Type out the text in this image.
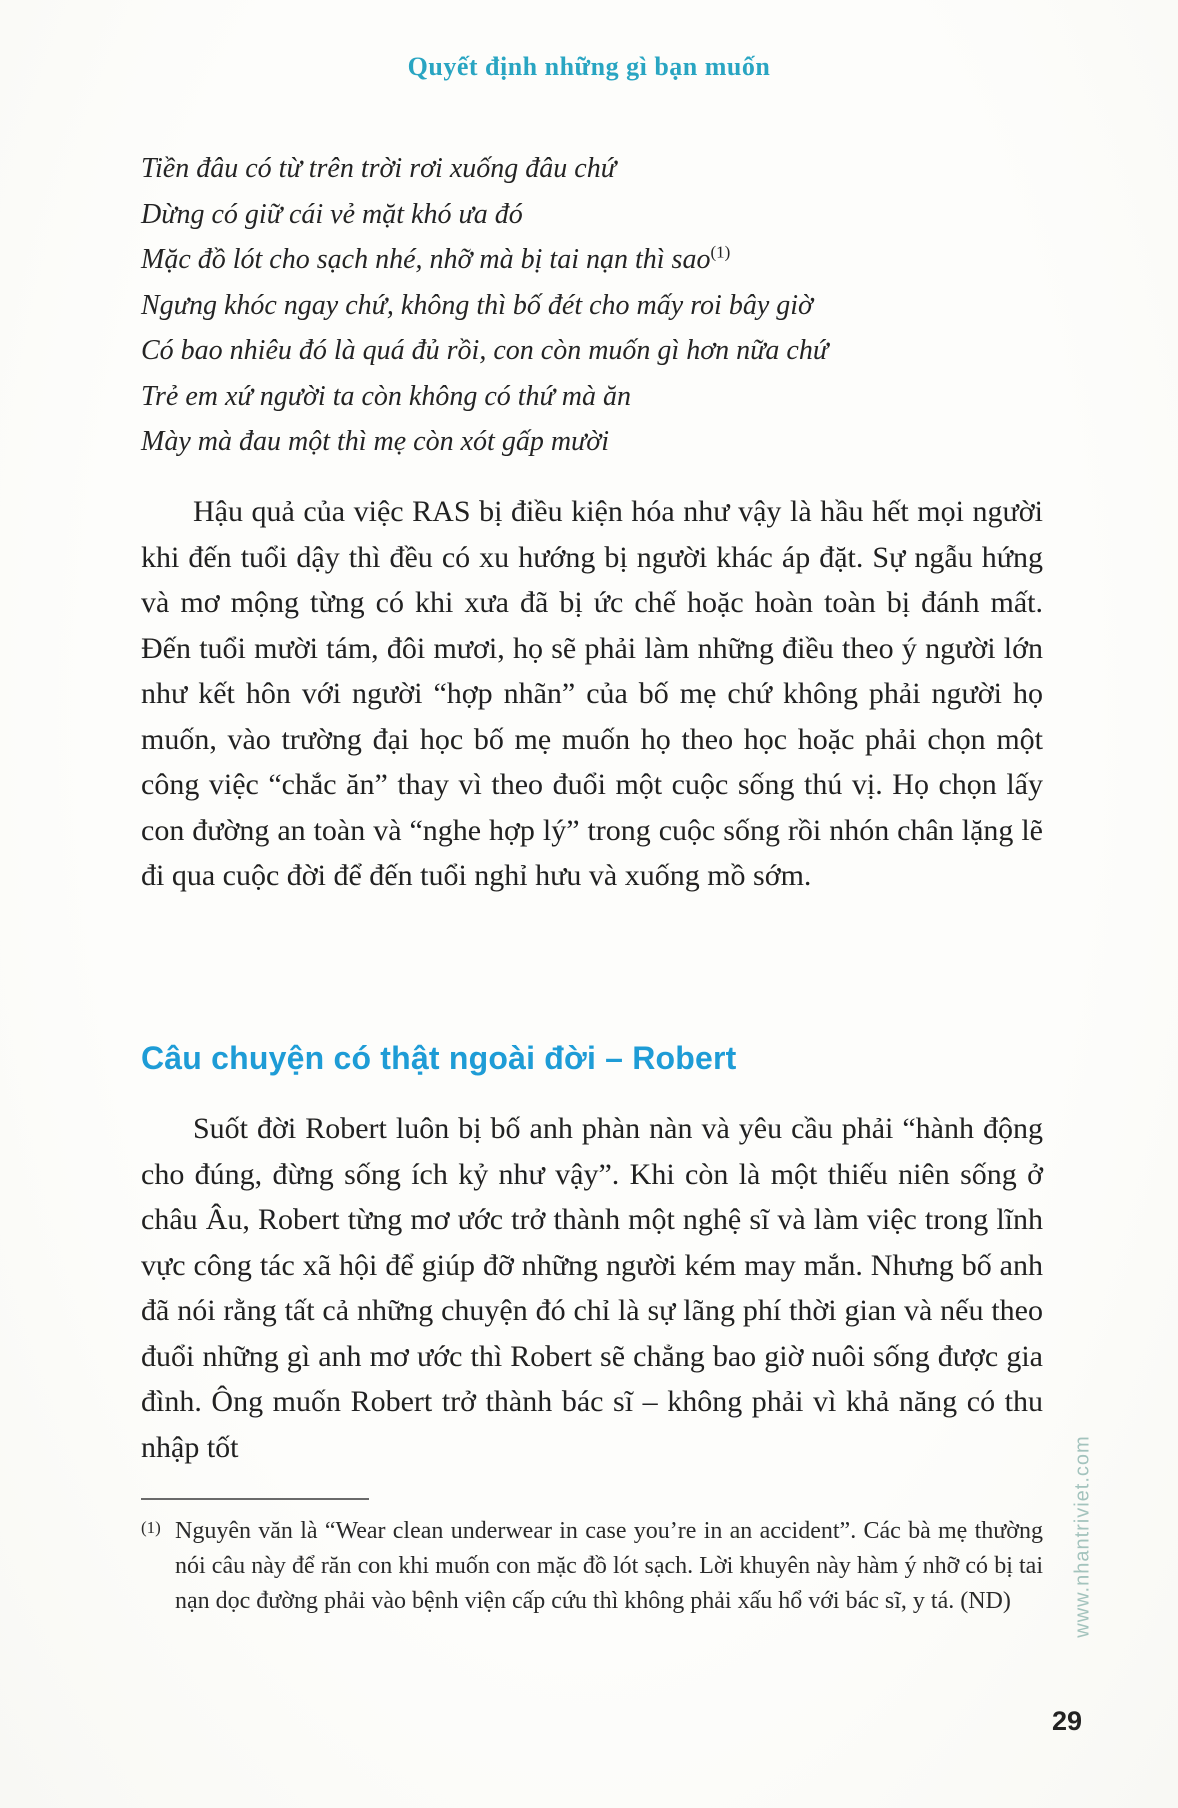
Quyết định những gì bạn muốn
Tiền đâu có từ trên trời rơi xuống đâu chứ
Dừng có giữ cái vẻ mặt khó ưa đó
Mặc đồ lót cho sạch nhé, nhỡ mà bị tai nạn thì sao$^{(1)}$
Ngưng khóc ngay chứ, không thì bố đét cho mấy roi bây giờ
Có bao nhiêu đó là quá đủ rồi, con còn muốn gì hơn nữa chứ
Trẻ em xứ người ta còn không có thứ mà ăn
Mày mà đau một thì mẹ còn xót gấp mười

Hậu quả của việc RAS bị điều kiện hóa như vậy là hầu hết mọi người khi đến tuổi dậy thì đều có xu hướng bị người khác áp đặt. Sự ngẫu hứng và mơ mộng từng có khi xưa đã bị ức chế hoặc hoàn toàn bị đánh mất. Đến tuổi mười tám, đôi mươi, họ sẽ phải làm những điều theo ý người lớn như kết hôn với người “hợp nhãn” của bố mẹ chứ không phải người họ muốn, vào trường đại học bố mẹ muốn họ theo học hoặc phải chọn một công việc “chắc ăn” thay vì theo đuổi một cuộc sống thú vị. Họ chọn lấy con đường an toàn và “nghe hợp lý” trong cuộc sống rồi nhón chân lặng lẽ đi qua cuộc đời để đến tuổi nghỉ hưu và xuống mồ sớm.

Câu chuyện có thật ngoài đời – Robert

Suốt đời Robert luôn bị bố anh phàn nàn và yêu cầu phải “hành động cho đúng, đừng sống ích kỷ như vậy”. Khi còn là một thiếu niên sống ở châu Âu, Robert từng mơ ước trở thành một nghệ sĩ và làm việc trong lĩnh vực công tác xã hội để giúp đỡ những người kém may mắn. Nhưng bố anh đã nói rằng tất cả những chuyện đó chỉ là sự lãng phí thời gian và nếu theo đuổi những gì anh mơ ước thì Robert sẽ chẳng bao giờ nuôi sống được gia đình. Ông muốn Robert trở thành bác sĩ – không phải vì khả năng có thu nhập tốt

(1) Nguyên văn là “Wear clean underwear in case you’re in an accident”. Các bà mẹ thường nói câu này để răn con khi muốn con mặc đồ lót sạch. Lời khuyên này hàm ý nhỡ có bị tai nạn dọc đường phải vào bệnh viện cấp cứu thì không phải xấu hổ với bác sĩ, y tá. (ND)	www.nhantriviet.com
29
